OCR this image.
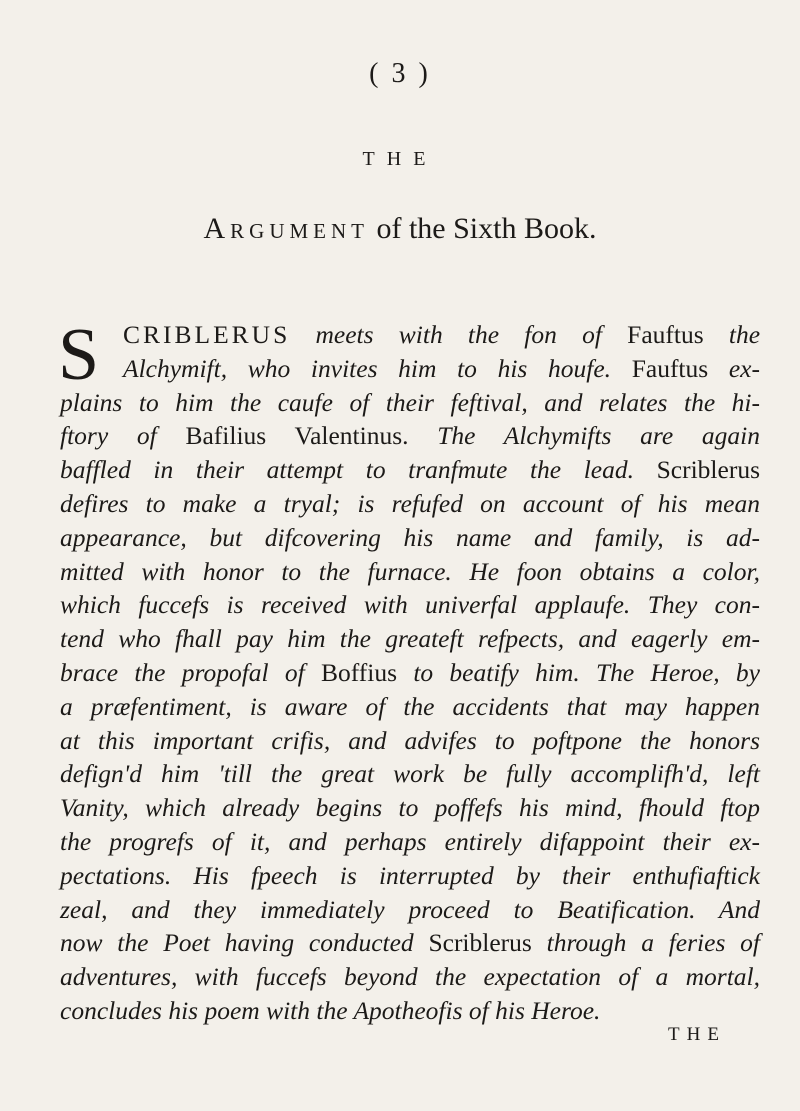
( 3 )
THE
Argument of the Sixth Book.
S CRIBLERUS meets with the fon of Fauftus the
Alchymift, who invites him to his houfe. Fauftus ex-
plains to him the caufe of their feftival, and relates the hi-
ftory of Bafilius Valentinus. The Alchymifts are again
baffled in their attempt to tranfmute the lead. Scriblerus
defires to make a tryal; is refufed on account of his mean
appearance, but difcovering his name and family, is ad-
mitted with honor to the furnace. He foon obtains a color,
which fuccefs is received with univerfal applaufe. They con-
tend who fhall pay him the greateft refpects, and eagerly em-
brace the propofal of Boffius to beatify him. The Heroe, by
a præfentiment, is aware of the accidents that may happen
at this important crifis, and advifes to poftpone the honors
defign'd him 'till the great work be fully accomplifh'd, left
Vanity, which already begins to poffefs his mind, fhould ftop
the progrefs of it, and perhaps entirely difappoint their ex-
pectations. His fpeech is interrupted by their enthufiaftick
zeal, and they immediately proceed to Beatification. And
now the Poet having conducted Scriblerus through a feries of
adventures, with fuccefs beyond the expectation of a mortal,
concludes his poem with the Apotheofis of his Heroe.
THE
